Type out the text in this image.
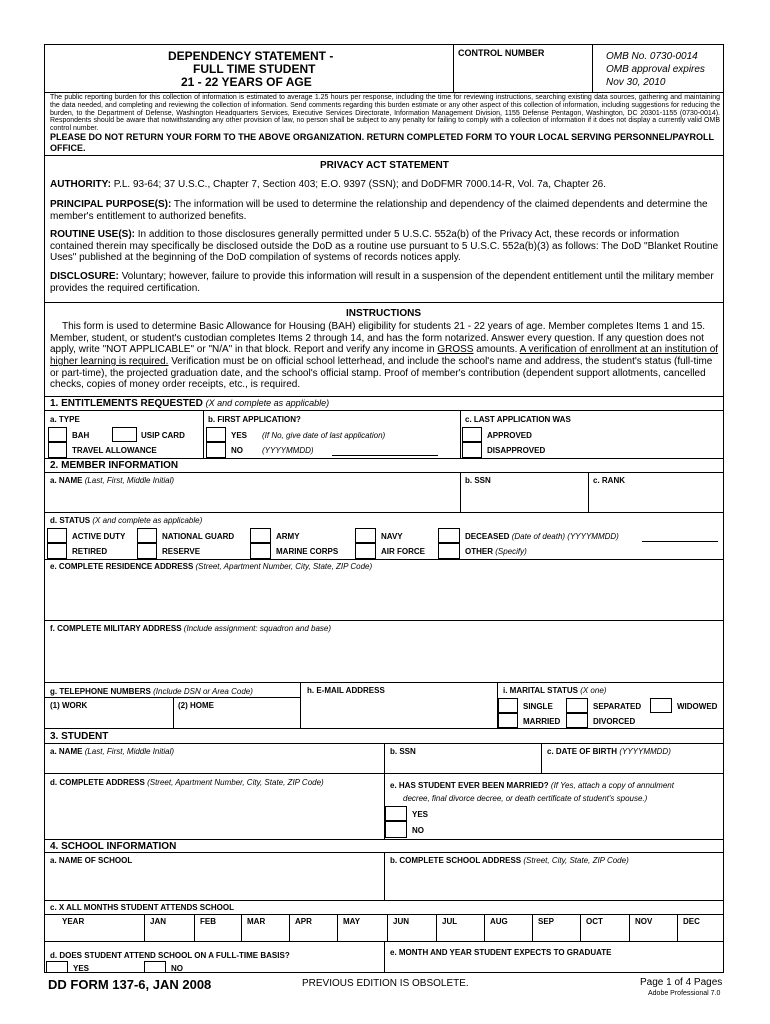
DEPENDENCY STATEMENT -
FULL TIME STUDENT
21 - 22 YEARS OF AGE
CONTROL NUMBER	OMB No. 0730-0014
OMB approval expires
Nov 30, 2010
The public reporting burden for this collection of information is estimated to average 1.25 hours per response, including the time for reviewing instructions, searching existing data sources, gathering and maintaining the data needed, and completing and reviewing the collection of information. Send comments regarding this burden estimate or any other aspect of this collection of information, including suggestions for reducing the burden, to the Department of Defense, Washington Headquarters Services, Executive Services Directorate, Information Management Division, 1155 Defense Pentagon, Washington, DC 20301-1155 (0730-0014). Respondents should be aware that notwithstanding any other provision of law, no person shall be subject to any penalty for failing to comply with a collection of information if it does not display a currently valid OMB control number.
PLEASE DO NOT RETURN YOUR FORM TO THE ABOVE ORGANIZATION. RETURN COMPLETED FORM TO YOUR LOCAL SERVING PERSONNEL/PAYROLL OFFICE.
PRIVACY ACT STATEMENT
AUTHORITY: P.L. 93-64; 37 U.S.C., Chapter 7, Section 403; E.O. 9397 (SSN); and DoDFMR 7000.14-R, Vol. 7a, Chapter 26.
PRINCIPAL PURPOSE(S): The information will be used to determine the relationship and dependency of the claimed dependents and determine the member's entitlement to authorized benefits.
ROUTINE USE(S): In addition to those disclosures generally permitted under 5 U.S.C. 552a(b) of the Privacy Act, these records or information contained therein may specifically be disclosed outside the DoD as a routine use pursuant to 5 U.S.C. 552a(b)(3) as follows: The DoD "Blanket Routine Uses" published at the beginning of the DoD compilation of systems of records notices apply.
DISCLOSURE: Voluntary; however, failure to provide this information will result in a suspension of the dependent entitlement until the military member provides the required certification.
INSTRUCTIONS
This form is used to determine Basic Allowance for Housing (BAH) eligibility for students 21 - 22 years of age. Member completes Items 1 and 15. Member, student, or student's custodian completes Items 2 through 14, and has the form notarized. Answer every question. If any question does not apply, write "NOT APPLICABLE" or "N/A" in that block. Report and verify any income in GROSS amounts. A verification of enrollment at an institution of higher learning is required. Verification must be on official school letterhead, and include the school's name and address, the student's status (full-time or part-time), the projected graduation date, and the school's official stamp. Proof of member's contribution (dependent support allotments, cancelled checks, copies of money order receipts, etc., is required.
1. ENTITLEMENTS REQUESTED (X and complete as applicable)
a. TYPE
BAH	USIP CARD
TRAVEL ALLOWANCE
b. FIRST APPLICATION?
YES (If No, give date of last application)
NO (YYYYMMDD)
c. LAST APPLICATION WAS
APPROVED
DISAPPROVED
2. MEMBER INFORMATION
a. NAME (Last, First, Middle Initial)	b. SSN	c. RANK
d. STATUS (X and complete as applicable)
ACTIVE DUTY	NATIONAL GUARD	ARMY	NAVY	DECEASED (Date of death) (YYYYMMDD)
RETIRED	RESERVE	MARINE CORPS	AIR FORCE	OTHER (Specify)
e. COMPLETE RESIDENCE ADDRESS (Street, Apartment Number, City, State, ZIP Code)
f. COMPLETE MILITARY ADDRESS (Include assignment: squadron and base)
g. TELEPHONE NUMBERS (Include DSN or Area Code)
(1) WORK	(2) HOME
h. E-MAIL ADDRESS	i. MARITAL STATUS (X one)
SINGLE	SEPARATED	WIDOWED
MARRIED	DIVORCED
3. STUDENT
a. NAME (Last, First, Middle Initial)	b. SSN	c. DATE OF BIRTH (YYYYMMDD)
d. COMPLETE ADDRESS (Street, Apartment Number, City, State, ZIP Code)	e. HAS STUDENT EVER BEEN MARRIED? (If Yes, attach a copy of annulment
decree, final divorce decree, or death certificate of student's spouse.)
YES
NO
4. SCHOOL INFORMATION
a. NAME OF SCHOOL	b. COMPLETE SCHOOL ADDRESS (Street, City, State, ZIP Code)
c. X ALL MONTHS STUDENT ATTENDS SCHOOL
YEAR	JAN	FEB	MAR	APR	MAY	JUN	JUL	AUG	SEP	OCT	NOV	DEC
d. DOES STUDENT ATTEND SCHOOL ON A FULL-TIME BASIS?
YES	NO
e. MONTH AND YEAR STUDENT EXPECTS TO GRADUATE
DD FORM 137-6, JAN 2008	PREVIOUS EDITION IS OBSOLETE.	Page 1 of 4 Pages
Adobe Professional 7.0
